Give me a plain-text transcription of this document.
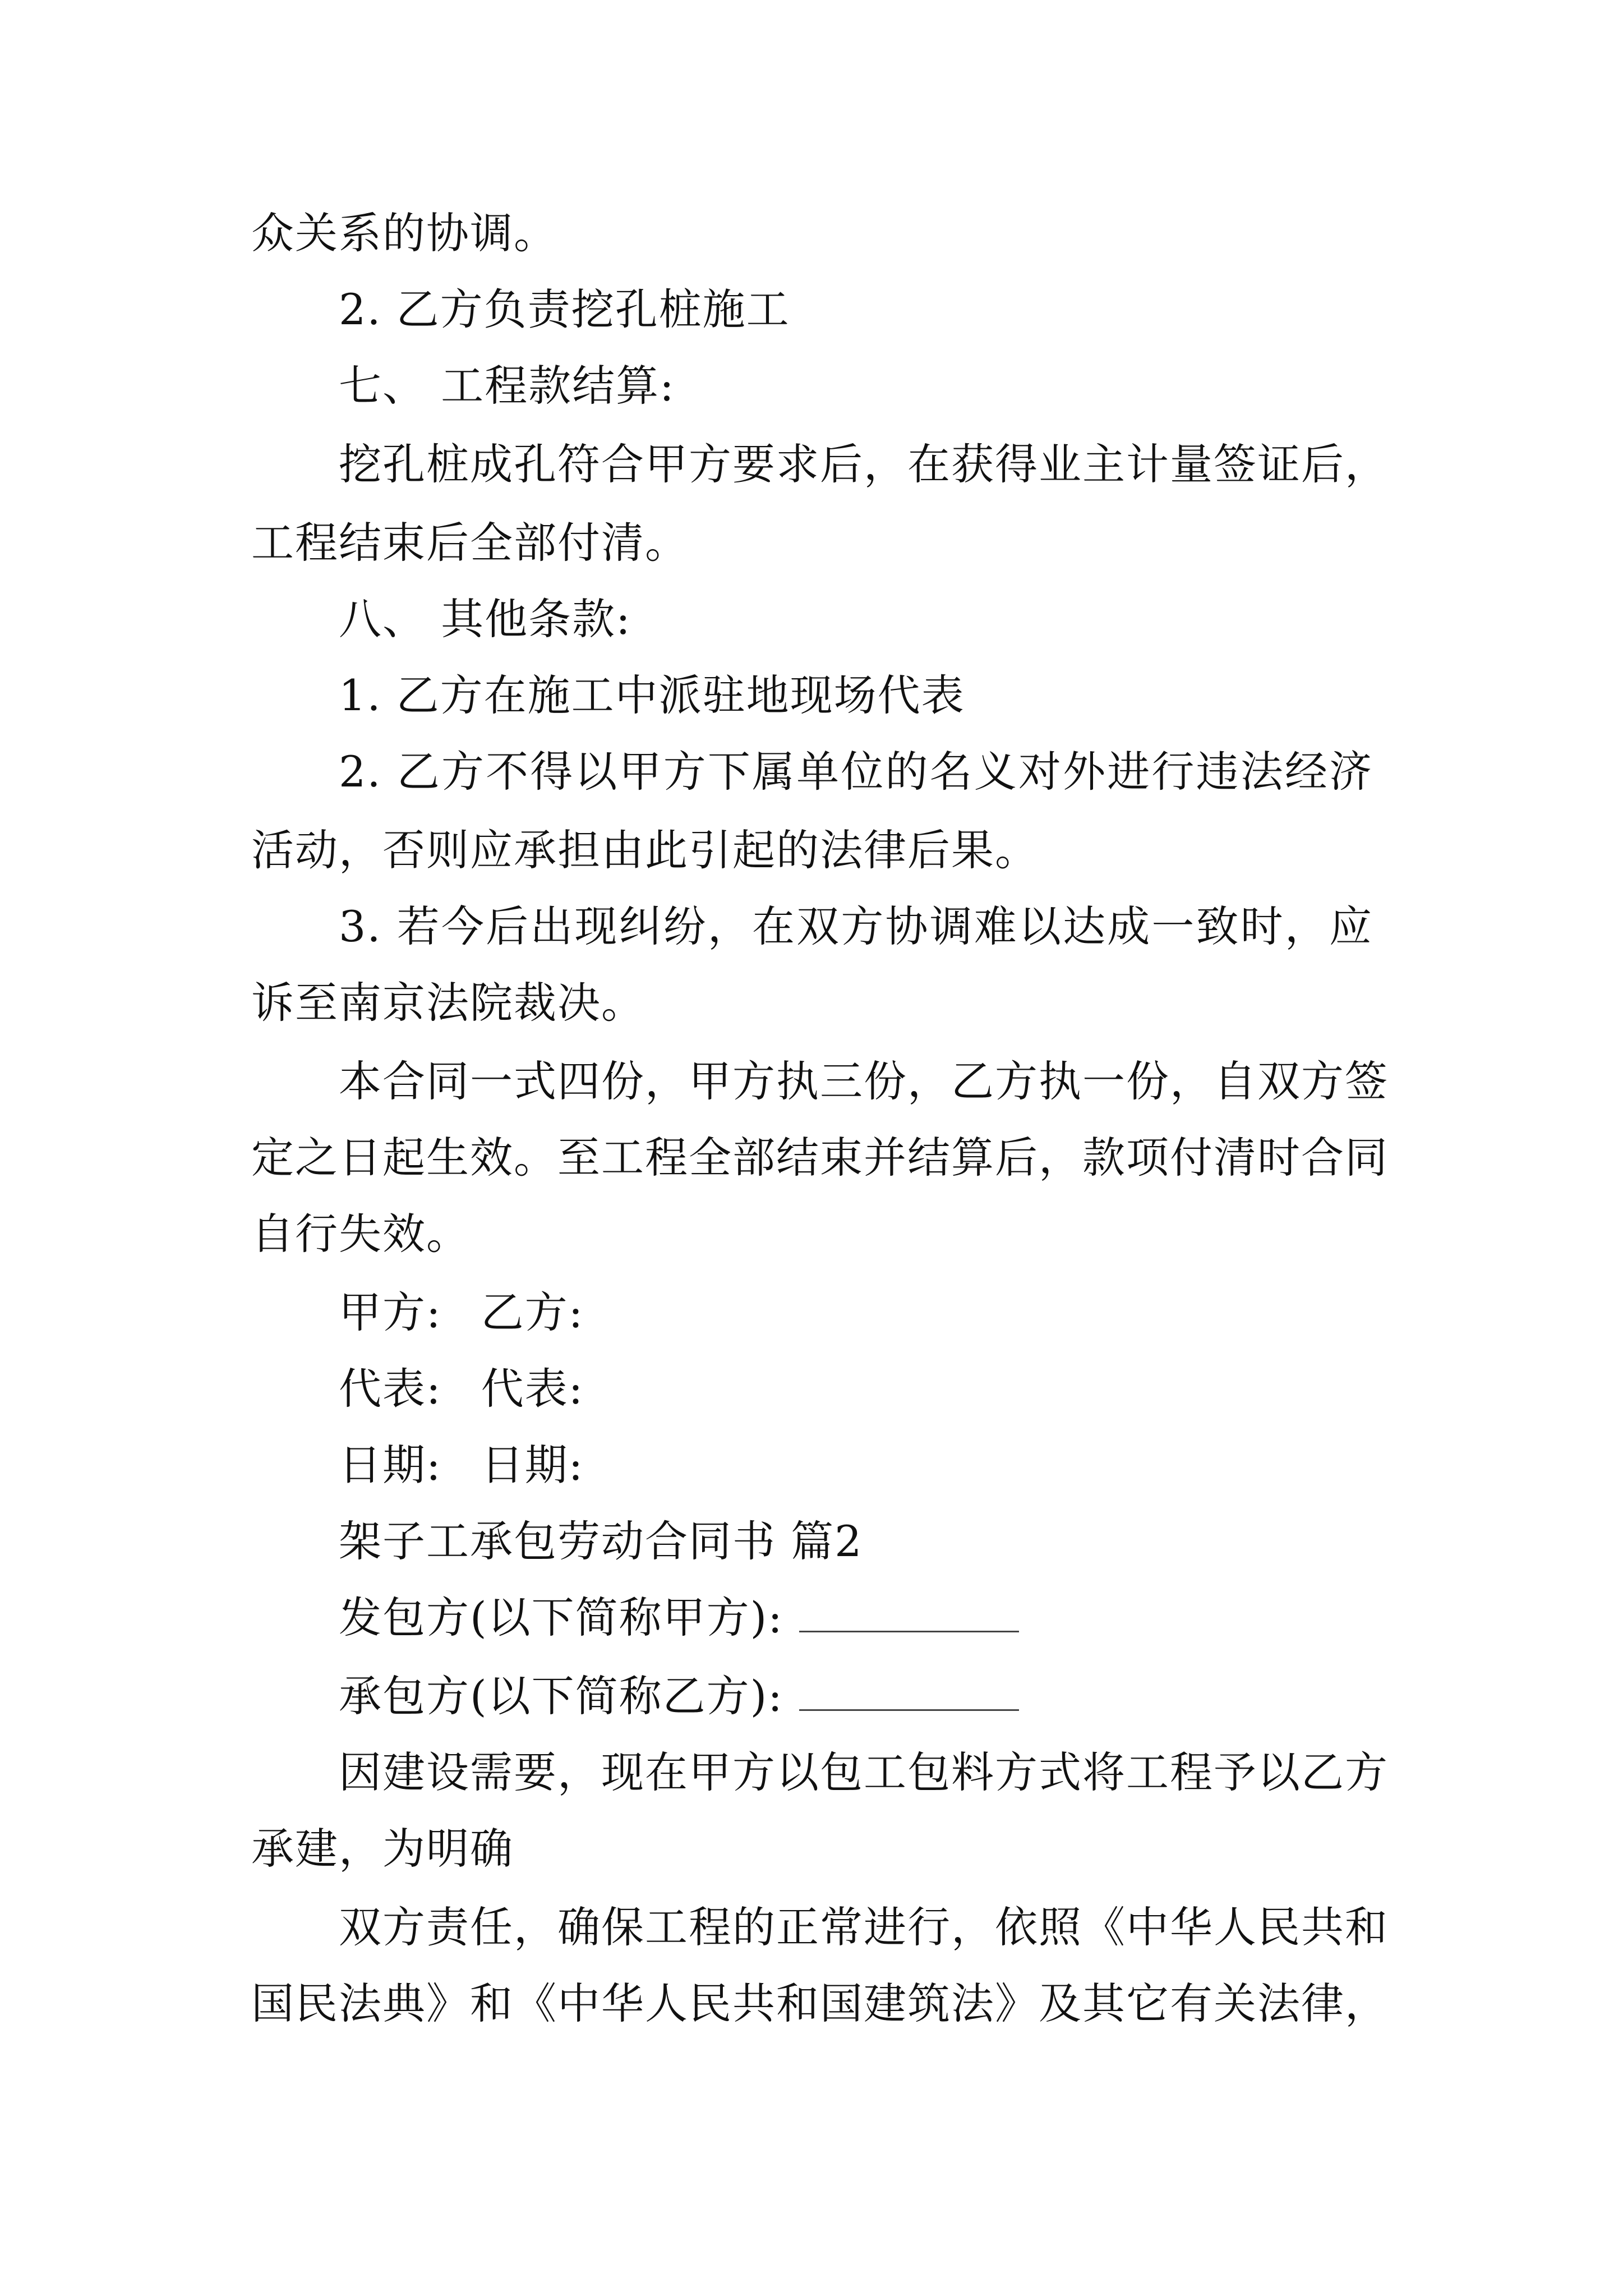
众关系的协调。
2. 乙方负责挖孔桩施工
七、 工程款结算:
挖孔桩成孔符合甲方要求后，在获得业主计量签证后，
工程结束后全部付清。
八、 其他条款:
1. 乙方在施工中派驻地现场代表
2. 乙方不得以甲方下属单位的名义对外进行违法经济
活动，否则应承担由此引起的法律后果。
3. 若今后出现纠纷，在双方协调难以达成一致时，应
诉至南京法院裁决。
本合同一式四份，甲方执三份，乙方执一份，自双方签
定之日起生效。至工程全部结束并结算后，款项付清时合同
自行失效。
甲方: 乙方:
代表: 代表:
日期: 日期:
架子工承包劳动合同书 篇2
发包方(以下简称甲方):
承包方(以下简称乙方):
因建设需要，现在甲方以包工包料方式将工程予以乙方
承建，为明确
双方责任，确保工程的正常进行，依照《中华人民共和
国民法典》和《中华人民共和国建筑法》及其它有关法律，
